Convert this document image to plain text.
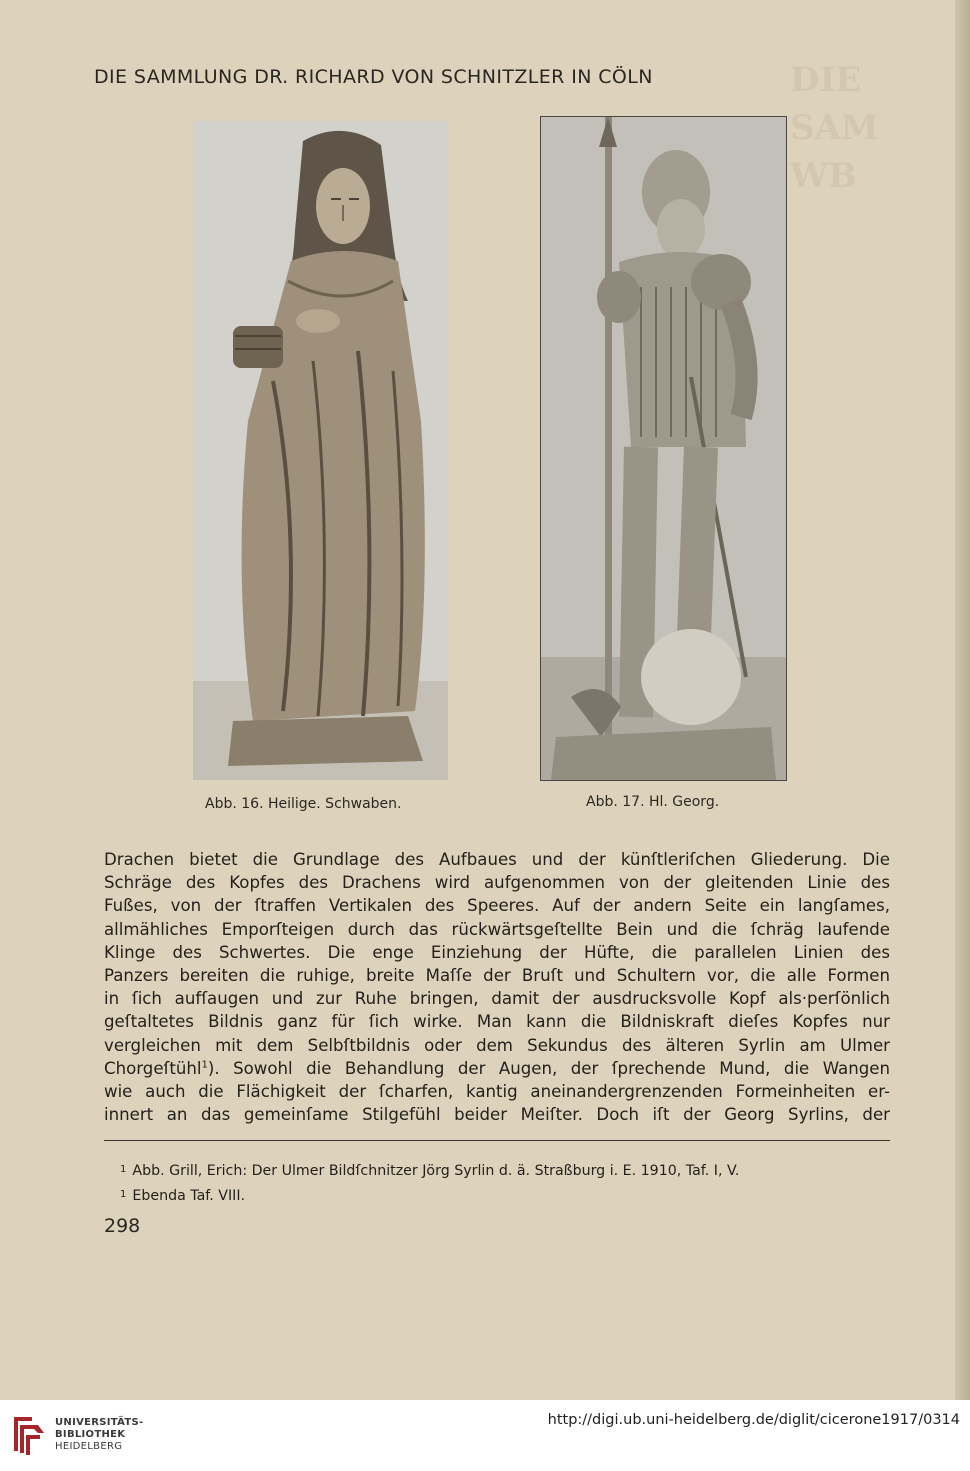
DIE SAMMLUNG DR. RICHARD VON SCHNITZLER IN CÖLN	DIE SAM
WB
Abb. 16. Heilige. Schwaben.	Abb. 17. Hl. Georg.
Drachen bietet die Grundlage des Aufbaues und der künſtleriſchen Gliederung. Die
Schräge des Kopfes des Drachens wird aufgenommen von der gleitenden Linie des
Fußes, von der ſtraffen Vertikalen des Speeres. Auf der andern Seite ein langſames,
allmähliches Emporſteigen durch das rückwärtsgeſtellte Bein und die ſchräg laufende
Klinge des Schwertes. Die enge Einziehung der Hüfte, die parallelen Linien des
Panzers bereiten die ruhige, breite Maſſe der Bruſt und Schultern vor, die alle Formen
in ſich aufſaugen und zur Ruhe bringen, damit der ausdrucksvolle Kopf als·perſönlich
geſtaltetes Bildnis ganz für ſich wirke. Man kann die Bildniskraft dieſes Kopfes nur
vergleichen mit dem Selbſtbildnis oder dem Sekundus des älteren Syrlin am Ulmer
Chorgeſtühl$^1$). Sowohl die Behandlung der Augen, der ſprechende Mund, die Wangen
wie auch die Flächigkeit der ſcharfen, kantig aneinandergrenzenden Formeinheiten er-
innert an das gemeinſame Stilgefühl beider Meiſter. Doch iſt der Georg Syrlins, der
$^1$ Abb. Grill, Erich: Der Ulmer Bildſchnitzer Jörg Syrlin d. ä. Straßburg i. E. 1910, Taf. I, V.
$^1$ Ebenda Taf. VIII.
298
UNIVERSITÄTS-
BIBLIOTHEK
HEIDELBERG
http://digi.ub.uni-heidelberg.de/diglit/cicerone1917/0314
